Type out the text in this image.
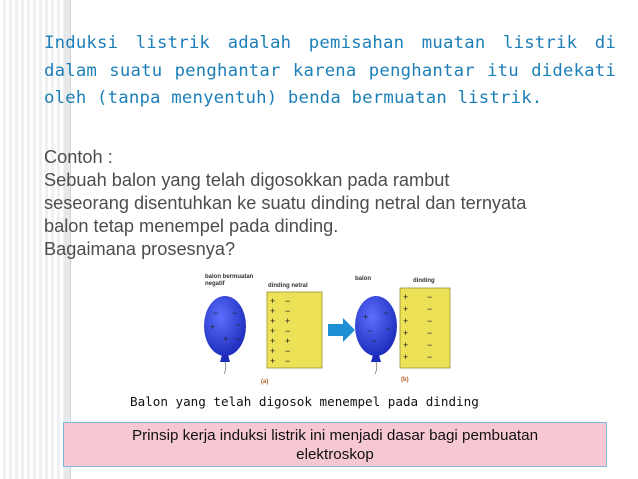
Induksi listrik adalah pemisahan muatan listrik di dalam suatu penghantar karena penghantar itu didekati oleh (tanpa menyentuh) benda bermuatan listrik.

Contoh :
Sebuah balon yang telah digosokkan pada rambut
seseorang disentuhkan ke suatu dinding netral dan ternyata
balon tetap menempel pada dinding.
Bagaimana prosesnya?
balon bermuatan
negatif	dinding netral
− −
+ −
+ −
+ −
+ −
+ +
+ −
+ +
+ −
+ −
(a)
balon	dinding
+ −
− −
−
+ −
+ −
+ −
+ −
+ −
+ −
(b)

Balon yang telah digosok menempel pada dinding

Prinsip kerja induksi listrik ini menjadi dasar bagi pembuatan elektroskop
